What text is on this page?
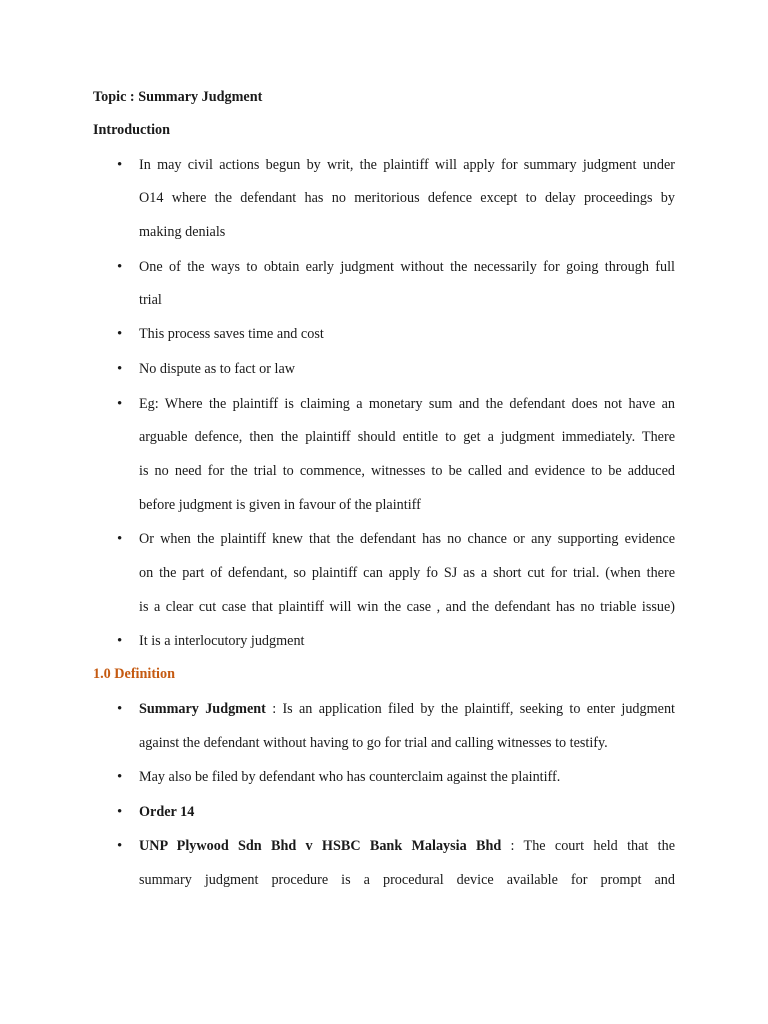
Topic : Summary Judgment
Introduction
• In may civil actions begun by writ, the plaintiff will apply for summary judgment under
O14 where the defendant has no meritorious defence except to delay proceedings by
making denials
• One of the ways to obtain early judgment without the necessarily for going through full
trial
• This process saves time and cost
• No dispute as to fact or law
• Eg: Where the plaintiff is claiming a monetary sum and the defendant does not have an
arguable defence, then the plaintiff should entitle to get a judgment immediately. There
is no need for the trial to commence, witnesses to be called and evidence to be adduced
before judgment is given in favour of the plaintiff
• Or when the plaintiff knew that the defendant has no chance or any supporting evidence
on the part of defendant, so plaintiff can apply fo SJ as a short cut for trial. (when there
is a clear cut case that plaintiff will win the case , and the defendant has no triable issue)
• It is a interlocutory judgment
1.0 Definition
• Summary Judgment : Is an application filed by the plaintiff, seeking to enter judgment
against the defendant without having to go for trial and calling witnesses to testify.
• May also be filed by defendant who has counterclaim against the plaintiff.
• Order 14
• UNP Plywood Sdn Bhd v HSBC Bank Malaysia Bhd : The court held that the
summary judgment procedure is a procedural device available for prompt and
